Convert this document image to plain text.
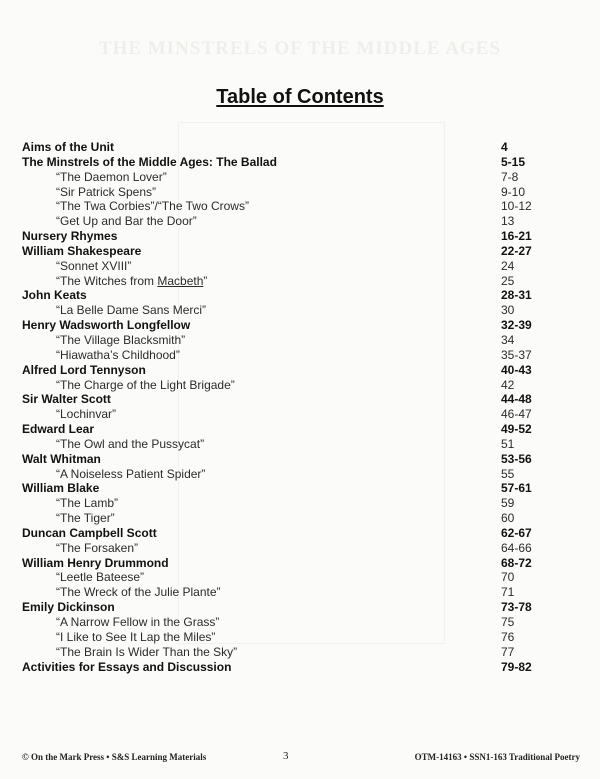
THE MINSTRELS OF THE MIDDLE AGES
Table of Contents
Aims of the Unit	4
The Minstrels of the Middle Ages: The Ballad	5-15
“The Daemon Lover”	7-8
“Sir Patrick Spens”	9-10
“The Twa Corbies”/“The Two Crows”	10-12
“Get Up and Bar the Door”	13
Nursery Rhymes	16-21
William Shakespeare	22-27
“Sonnet XVIII”	24
“The Witches from Macbeth”	25
John Keats	28-31
“La Belle Dame Sans Merci”	30
Henry Wadsworth Longfellow	32-39
“The Village Blacksmith”	34
“Hiawatha’s Childhood”	35-37
Alfred Lord Tennyson	40-43
“The Charge of the Light Brigade”	42
Sir Walter Scott	44-48
“Lochinvar”	46-47
Edward Lear	49-52
“The Owl and the Pussycat”	51
Walt Whitman	53-56
“A Noiseless Patient Spider”	55
William Blake	57-61
“The Lamb”	59
“The Tiger”	60
Duncan Campbell Scott	62-67
“The Forsaken”	64-66
William Henry Drummond	68-72
“Leetle Bateese”	70
“The Wreck of the Julie Plante”	71
Emily Dickinson	73-78
“A Narrow Fellow in the Grass”	75
“I Like to See It Lap the Miles”	76
“The Brain Is Wider Than the Sky”	77
Activities for Essays and Discussion	79-82
© On the Mark Press • S&S Learning Materials	3	OTM-14163 • SSN1-163 Traditional Poetry
